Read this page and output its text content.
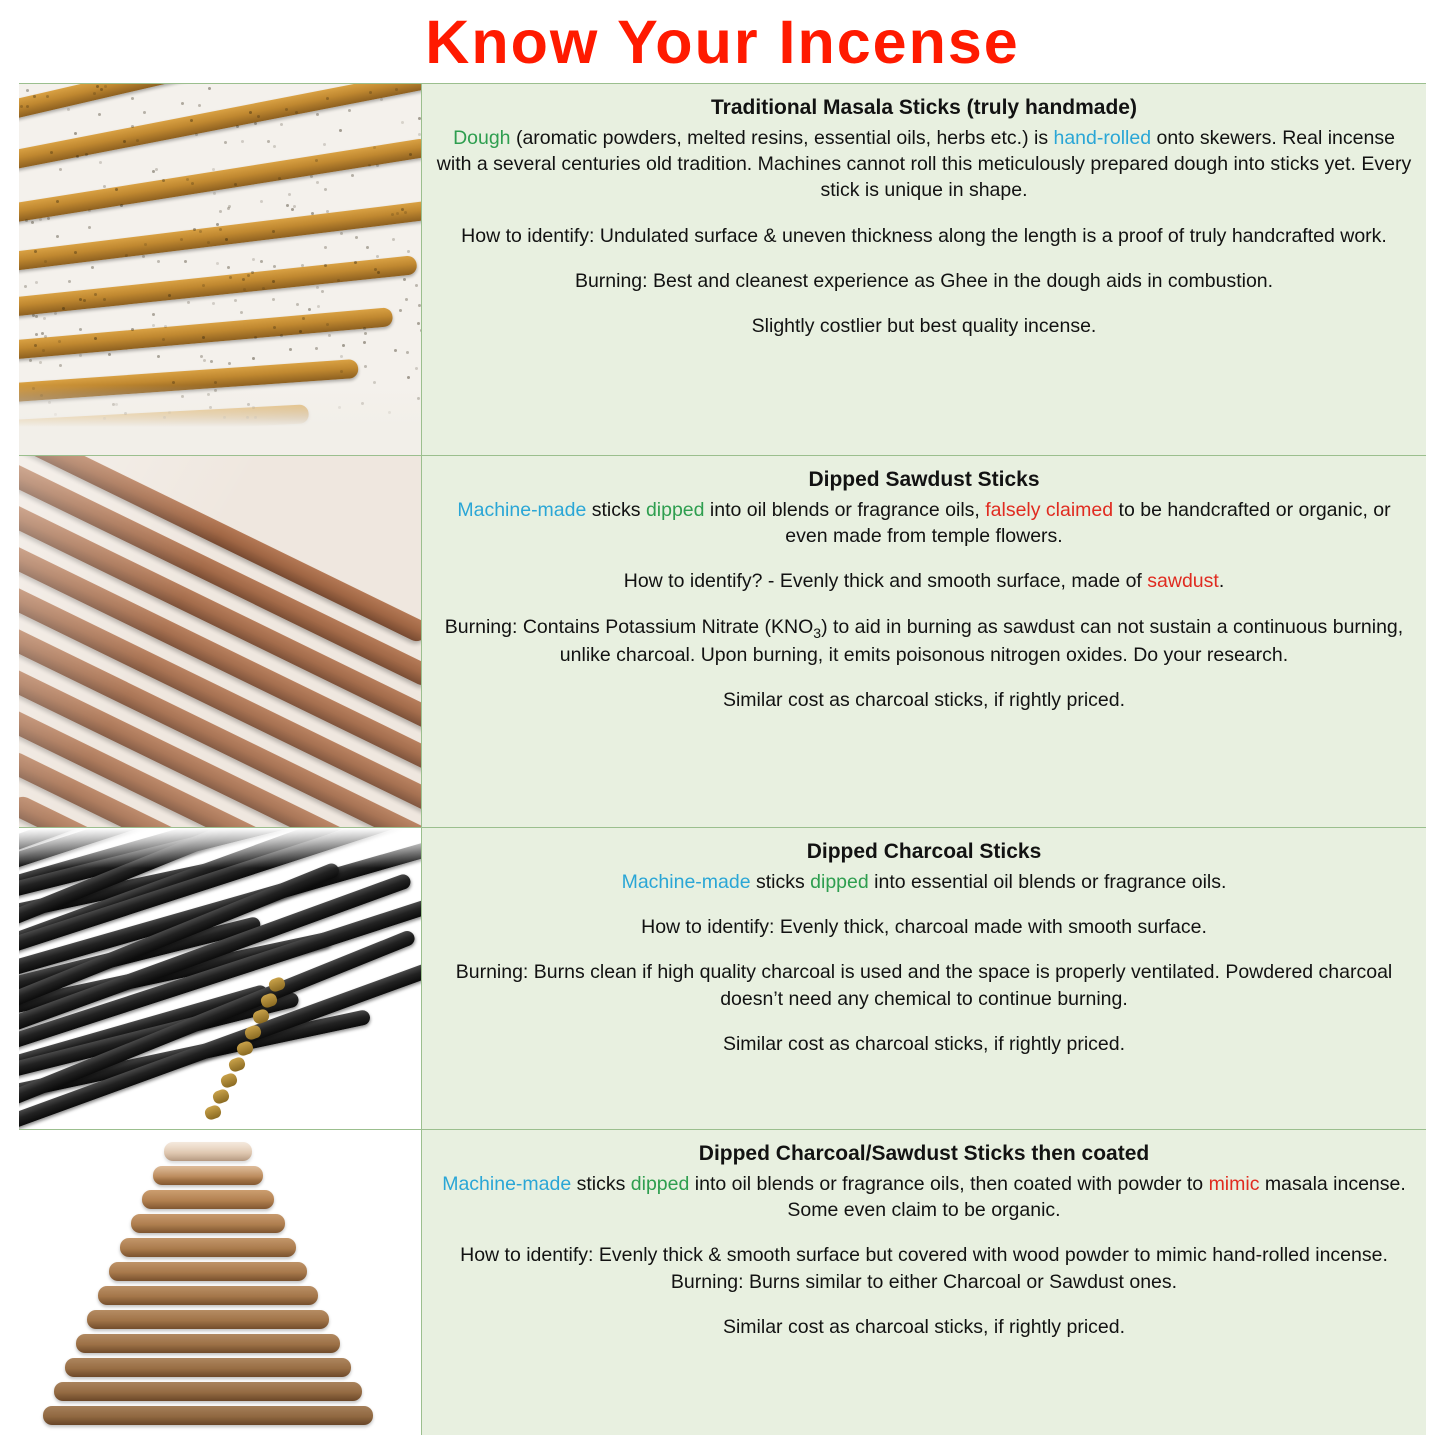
Know Your Incense
Traditional Masala Sticks (truly handmade)
Dough (aromatic powders, melted resins, essential oils, herbs etc.) is hand-rolled onto skewers. Real incense with a several centuries old tradition. Machines cannot roll this meticulously prepared dough into sticks yet. Every stick is unique in shape.
How to identify: Undulated surface & uneven thickness along the length is a proof of truly handcrafted work.
Burning: Best and cleanest experience as Ghee in the dough aids in combustion.
Slightly costlier but best quality incense.
Dipped Sawdust Sticks
Machine-made sticks dipped into oil blends or fragrance oils, falsely claimed to be handcrafted or organic, or even made from temple flowers.
How to identify? - Evenly thick and smooth surface, made of sawdust.
Burning: Contains Potassium Nitrate $(KNO_3)$ to aid in burning as sawdust can not sustain a continuous burning, unlike charcoal. Upon burning, it emits poisonous nitrogen oxides. Do your research.
Similar cost as charcoal sticks, if rightly priced.
Dipped Charcoal Sticks
Machine-made sticks dipped into essential oil blends or fragrance oils.
How to identify: Evenly thick, charcoal made with smooth surface.
Burning: Burns clean if high quality charcoal is used and the space is properly ventilated. Powdered charcoal doesn’t need any chemical to continue burning.
Similar cost as charcoal sticks, if rightly priced.
Dipped Charcoal/Sawdust Sticks then coated
Machine-made sticks dipped into oil blends or fragrance oils, then coated with powder to mimic masala incense. Some even claim to be organic.
How to identify: Evenly thick & smooth surface but covered with wood powder to mimic hand-rolled incense.
Burning: Burns similar to either Charcoal or Sawdust ones.
Similar cost as charcoal sticks, if rightly priced.
